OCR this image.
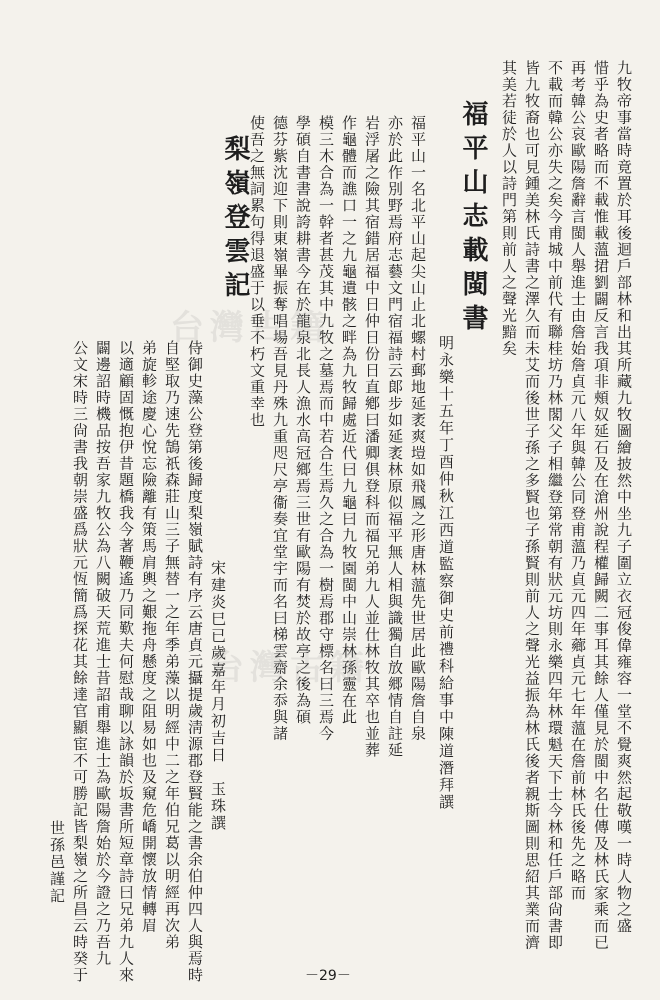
九牧帝事當時竟置於耳後迴戶部林和出其所藏九牧圖繪披然中坐九子圍立衣冠俊偉雍容一堂不覺爽然起敬嘆一時人物之盛
惜乎為史者略而不載惟載薀捃劉闢反言我項非頰奴延石及在滄州說程權歸闕二事耳其餘人僅見於閩中名仕傳及林氏家乘而已
再考韓公哀歐陽詹辭言閩人舉進士由詹始詹貞元八年與韓公同登甫薀乃貞元四年薌貞元七年薀在詹前林氏後先之略而
不載而韓公亦失之矣今甫城中前代有聯桂坊乃林閣父子相繼登第常朝有狀元坊則永樂四年林環魁天下士今林和任戶部尙書即
皆九牧裔也可見鍾美林氏詩書之澤久而未艾而後世子孫之多賢也子孫賢則前人之聲光益振為林氏後者親斯圖則思紹其業而濟
其美若徒於人以詩門第則前人之聲光黯矣
福平山志載閩書
明永樂十五年丁酉仲秋江西道監察御史前禮科給事中陳道潛拜譔
福平山一名北平山起尖山止北螺村郵地延袤爽塏如飛鳳之形唐林薀先世居此歐陽詹自泉
亦於此作別野焉府志藝文門宿福詩云郞步如延袤林原似福平無人相與識獨自放郷情自註延
岩浮屠之險其宿錯居福中日仲日份日直鄕曰潘卿俱登科而福兄弟九人並仕林牧其卒也並葬
作龜體而譙口一之九龜遺骸之畔為九牧歸處近代曰九龜曰九牧園閩中山崇林孫靈在此
模三木合為一幹者甚茂其中九牧之墓焉而中若合生焉久之合為一樹焉郡守標名曰三焉今
學碩自書書說誇耕書今在於龍泉北長人漁水高冠鄉焉三世有歐陽有焚於故亭之後為碩
德芬紫沈迎下則東嶺畢振奪唱場吾見丹殊九重咫尺亭衞奏宜堂宇而名曰梯雲齋余忝與諸
使吾之無詞累句得退盛于以垂不朽文重幸也
梨嶺登雲記
侍御史藻公登第後歸度梨嶺賦詩有序云唐貞元攝提歲淸源郡登賢能之書余伯仲四人與焉時
自堅取乃速先鵠祇森莊山三子無替一之年季弟藻以明經中二之年伯兄葛以明經再次弟
弟旋軫途慶心悅忘險離有策馬肩輿之艱拖舟懸度之阻易如也及窺危嶠開懷放情轉眉
以適顧固慨抱伊昔題橋我今著鞭遙乃同歎夫何慰哉聊以詠韻於坂書所短章詩曰兄弟九人來
闢邊詔時機品按吾家九牧公為八闕破天荒進士昔詔甫舉進士為歐陽詹始於今證之乃吾九
公文宋時三尙書我朝崇盛爲狀元恆簡爲探花其餘達官顯宦不可勝記皆梨嶺之所昌云時癸于	宋建炎巳已歲嘉年月初吉日　玉珠譔
世孫邑謹記
台灣古籍
台灣古籍
－29－
